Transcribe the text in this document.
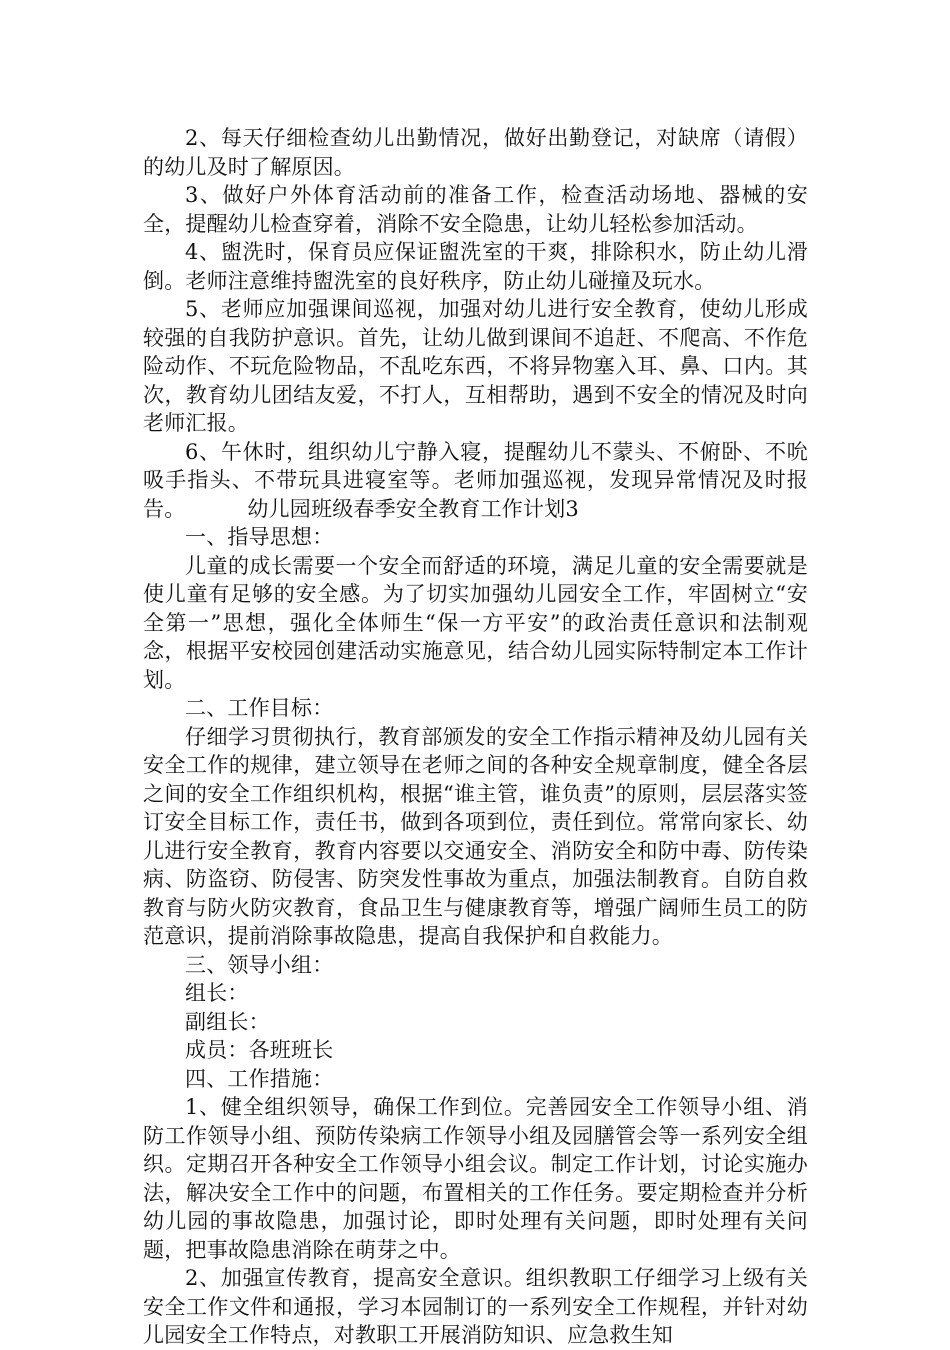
2、每天仔细检查幼儿出勤情况，做好出勤登记，对缺席（请假）的幼儿及时了解原因。

3、做好户外体育活动前的准备工作，检查活动场地、器械的安全，提醒幼儿检查穿着，消除不安全隐患，让幼儿轻松参加活动。

4、盥洗时，保育员应保证盥洗室的干爽，排除积水，防止幼儿滑倒。老师注意维持盥洗室的良好秩序，防止幼儿碰撞及玩水。

5、老师应加强课间巡视，加强对幼儿进行安全教育，使幼儿形成较强的自我防护意识。首先，让幼儿做到课间不追赶、不爬高、不作危险动作、不玩危险物品，不乱吃东西，不将异物塞入耳、鼻、口内。其次，教育幼儿团结友爱，不打人，互相帮助，遇到不安全的情况及时向老师汇报。

6、午休时，组织幼儿宁静入寝，提醒幼儿不蒙头、不俯卧、不吮吸手指头、不带玩具进寝室等。老师加强巡视，发现异常情况及时报告。	幼儿园班级春季安全教育工作计划3

一、指导思想：

儿童的成长需要一个安全而舒适的环境，满足儿童的安全需要就是使儿童有足够的安全感。为了切实加强幼儿园安全工作，牢固树立“安全第一”思想，强化全体师生“保一方平安”的政治责任意识和法制观念，根据平安校园创建活动实施意见，结合幼儿园实际特制定本工作计划。

二、工作目标：

仔细学习贯彻执行，教育部颁发的安全工作指示精神及幼儿园有关安全工作的规律，建立领导在老师之间的各种安全规章制度，健全各层之间的安全工作组织机构，根据“谁主管，谁负责”的原则，层层落实签订安全目标工作，责任书，做到各项到位，责任到位。常常向家长、幼儿进行安全教育，教育内容要以交通安全、消防安全和防中毒、防传染病、防盗窃、防侵害、防突发性事故为重点，加强法制教育。自防自救教育与防火防灾教育，食品卫生与健康教育等，增强广阔师生员工的防范意识，提前消除事故隐患，提高自我保护和自救能力。

三、领导小组：

组长：

副组长：

成员：各班班长

四、工作措施：

1、健全组织领导，确保工作到位。完善园安全工作领导小组、消防工作领导小组、预防传染病工作领导小组及园膳管会等一系列安全组织。定期召开各种安全工作领导小组会议。制定工作计划，讨论实施办法，解决安全工作中的问题，布置相关的工作任务。要定期检查并分析幼儿园的事故隐患，加强讨论，即时处理有关问题，即时处理有关问题，把事故隐患消除在萌芽之中。

2、加强宣传教育，提高安全意识。组织教职工仔细学习上级有关安全工作文件和通报，学习本园制订的一系列安全工作规程，并针对幼儿园安全工作特点，对教职工开展消防知识、应急救生知
